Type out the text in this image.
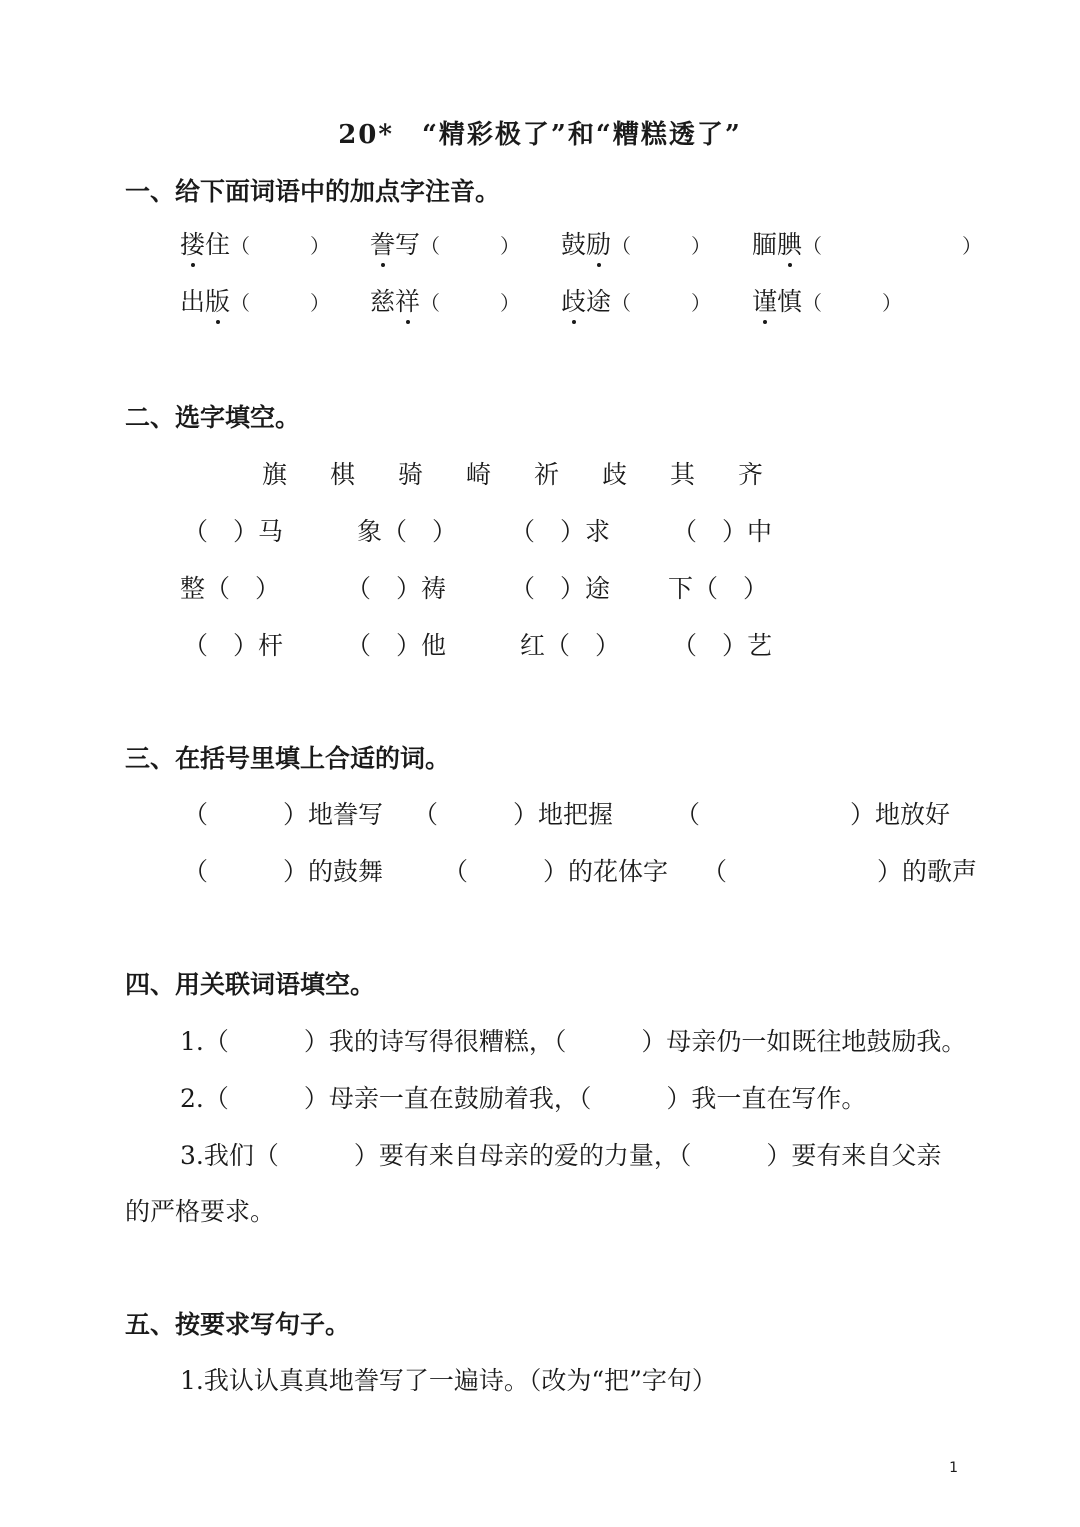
20*　“精彩极了”和“糟糕透了”
一、给下面词语中的加点字注音。
搂住（　　　） 誊写（　　　） 鼓励（　　　） 腼腆（　　　　　　　）
出版（　　　） 慈祥（　　　） 歧途（　　　） 谨慎（　　　）
二、选字填空。
旗 棋 骑 崎 祈 歧 其 齐
（　）马	象（　） （　）求 （　）中
整（　）	（　）祷	（　）途 下（　）
（　）杆	（　）他	红（　） （　）艺
三、在括号里填上合适的词。
（　　　）地誊写 （　　　）地把握 （　　　　　　）地放好
（　　　）的鼓舞 （　　　）的花体字 （　　　　　　）的歌声
四、用关联词语填空。
1.（　　　）我的诗写得很糟糕，（　　　）母亲仍一如既往地鼓励我。
2.（　　　）母亲一直在鼓励着我，（　　　）我一直在写作。
3.我们（　　　）要有来自母亲的爱的力量，（　　　）要有来自父亲
的严格要求。
五、按要求写句子。
1.我认认真真地誊写了一遍诗。（改为“把”字句）
1
